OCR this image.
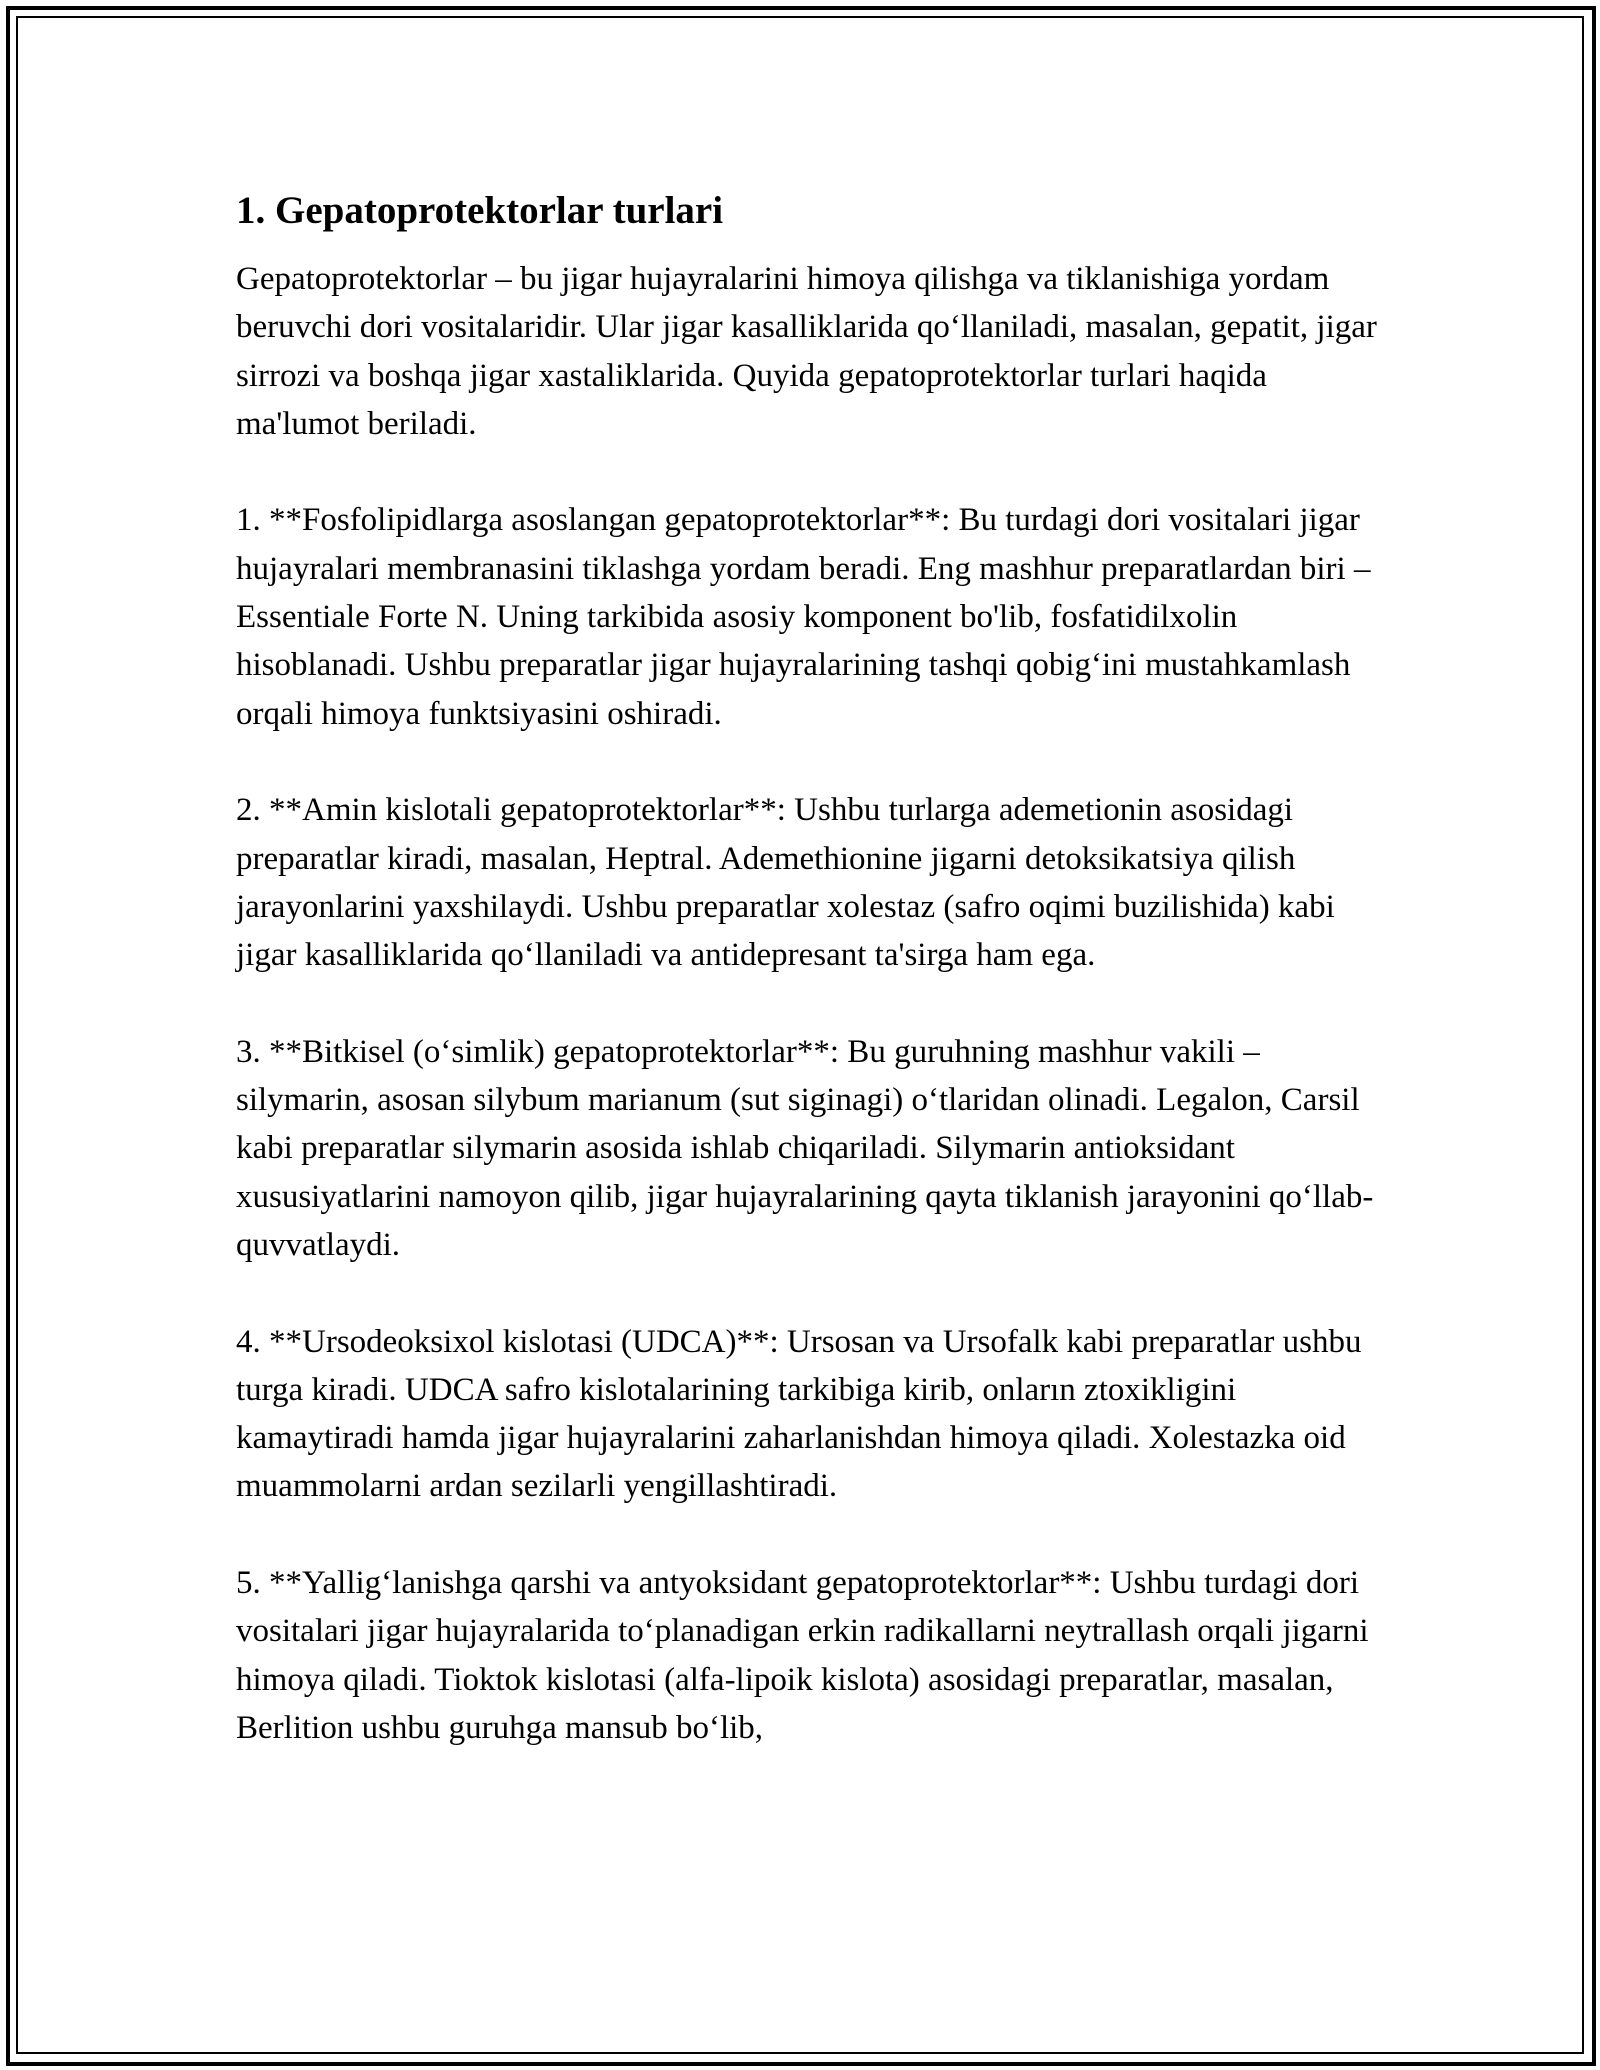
1. Gepatoprotektorlar turlari
Gepatoprotektorlar – bu jigar hujayralarini himoya qilishga va tiklanishiga yordam beruvchi dori vositalaridir. Ular jigar kasalliklarida qoʻllaniladi, masalan, gepatit, jigar sirrozi va boshqa jigar xastaliklarida. Quyida gepatoprotektorlar turlari haqida ma'lumot beriladi.
1. **Fosfolipidlarga asoslangan gepatoprotektorlar**: Bu turdagi dori vositalari jigar hujayralari membranasini tiklashga yordam beradi. Eng mashhur preparatlardan biri – Essentiale Forte N. Uning tarkibida asosiy komponent bo'lib, fosfatidilxolin hisoblanadi. Ushbu preparatlar jigar hujayralarining tashqi qobigʻini mustahkamlash orqali himoya funktsiyasini oshiradi.
2. **Amin kislotali gepatoprotektorlar**: Ushbu turlarga ademetionin asosidagi preparatlar kiradi, masalan, Heptral. Ademethionine jigarni detoksikatsiya qilish jarayonlarini yaxshilaydi. Ushbu preparatlar xolestaz (safro oqimi buzilishida) kabi jigar kasalliklarida qoʻllaniladi va antidepresant ta'sirga ham ega.
3. **Bitkisel (oʻsimlik) gepatoprotektorlar**: Bu guruhning mashhur vakili – silymarin, asosan silybum marianum (sut siginagi) oʻtlaridan olinadi. Legalon, Carsil kabi preparatlar silymarin asosida ishlab chiqariladi. Silymarin antioksidant xususiyatlarini namoyon qilib, jigar hujayralarining qayta tiklanish jarayonini qoʻllab-quvvatlaydi.
4. **Ursodeoksixol kislotasi (UDCA)**: Ursosan va Ursofalk kabi preparatlar ushbu turga kiradi. UDCA safro kislotalarining tarkibiga kirib, onların ztoxikligini kamaytiradi hamda jigar hujayralarini zaharlanishdan himoya qiladi. Xolestazka oid muammolarni ardan sezilarli yengillashtiradi.
5. **Yalligʻlanishga qarshi va antyoksidant gepatoprotektorlar**: Ushbu turdagi dori vositalari jigar hujayralarida toʻplanadigan erkin radikallarni neytrallash orqali jigarni himoya qiladi. Tioktok kislotasi (alfa-lipoik kislota) asosidagi preparatlar, masalan, Berlition ushbu guruhga mansub boʻlib,
